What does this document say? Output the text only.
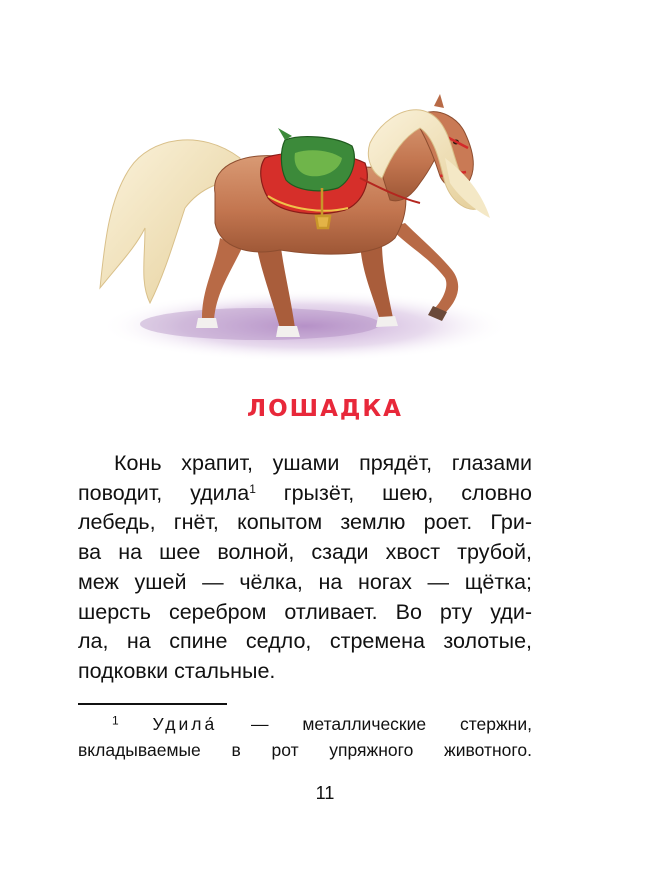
ЛОШАДКА
Конь храпит, ушами прядёт, глазами
поводит, удила$^1$ грызёт, шею, словно
лебедь, гнёт, копытом землю роет. Гри-
ва на шее волной, сзади хвост трубой,
меж ушей — чёлка, на ногах — щётка;
шерсть серебром отливает. Во рту уди-
ла, на спине седло, стремена золотые,
подковки стальные.
$^1$ Удила́ — металлические стержни,
вкладываемые в рот упряжного животного.
11
